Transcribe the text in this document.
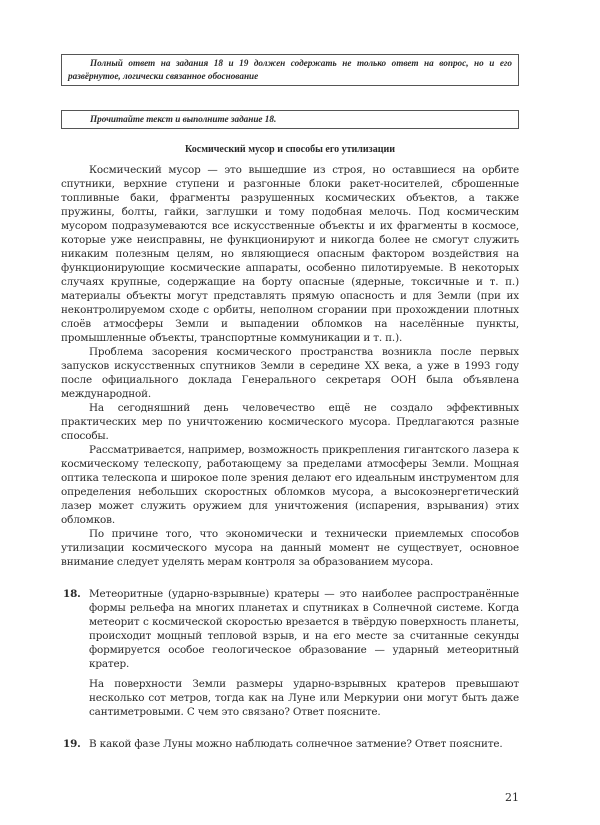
Полный ответ на задания 18 и 19 должен содержать не только ответ на вопрос, но и его развёрнутое, логически связанное обоснование

Прочитайте текст и выполните задание 18.

Космический мусор и способы его утилизации

Космический мусор — это вышедшие из строя, но оставшиеся на орбите спутники, верхние ступени и разгонные блоки ракет-носителей, сброшенные топливные баки, фрагменты разрушенных космических объектов, а также пружины, болты, гайки, заглушки и тому подобная мелочь. Под космическим мусором подразумеваются все искусственные объекты и их фрагменты в космосе, которые уже неисправны, не функционируют и никогда более не смогут служить никаким полезным целям, но являющиеся опасным фактором воздействия на функционирующие космические аппараты, особенно пилотируемые. В некоторых случаях крупные, содержащие на борту опасные (ядерные, токсичные и т. п.) материалы объекты могут представлять прямую опасность и для Земли (при их неконтролируемом сходе с орбиты, неполном сгорании при прохождении плотных слоёв атмосферы Земли и выпадении обломков на населённые пункты, промышленные объекты, транспортные коммуникации и т. п.).

Проблема засорения космического пространства возникла после первых запусков искусственных спутников Земли в середине XX века, а уже в 1993 году после официального доклада Генерального секретаря ООН была объявлена международной.

На сегодняшний день человечество ещё не создало эффективных практических мер по уничтожению космического мусора. Предлагаются разные способы.

Рассматривается, например, возможность прикрепления гигантского лазера к космическому телескопу, работающему за пределами атмосферы Земли. Мощная оптика телескопа и широкое поле зрения делают его идеальным инструментом для определения небольших скоростных обломков мусора, а высокоэнергетический лазер может служить оружием для уничтожения (испарения, взрывания) этих обломков.

По причине того, что экономически и технически приемлемых способов утилизации космического мусора на данный момент не существует, основное внимание следует уделять мерам контроля за образованием мусора.

18. Метеоритные (ударно-взрывные) кратеры — это наиболее распространённые формы рельефа на многих планетах и спутниках в Солнечной системе. Когда метеорит с космической скоростью врезается в твёрдую поверхность планеты, происходит мощный тепловой взрыв, и на его месте за считанные секунды формируется особое геологическое образование — ударный метеоритный кратер.

На поверхности Земли размеры ударно-взрывных кратеров превышают несколько сот метров, тогда как на Луне или Меркурии они могут быть даже сантиметровыми. С чем это связано? Ответ поясните.

19. В какой фазе Луны можно наблюдать солнечное затмение? Ответ поясните.

21
